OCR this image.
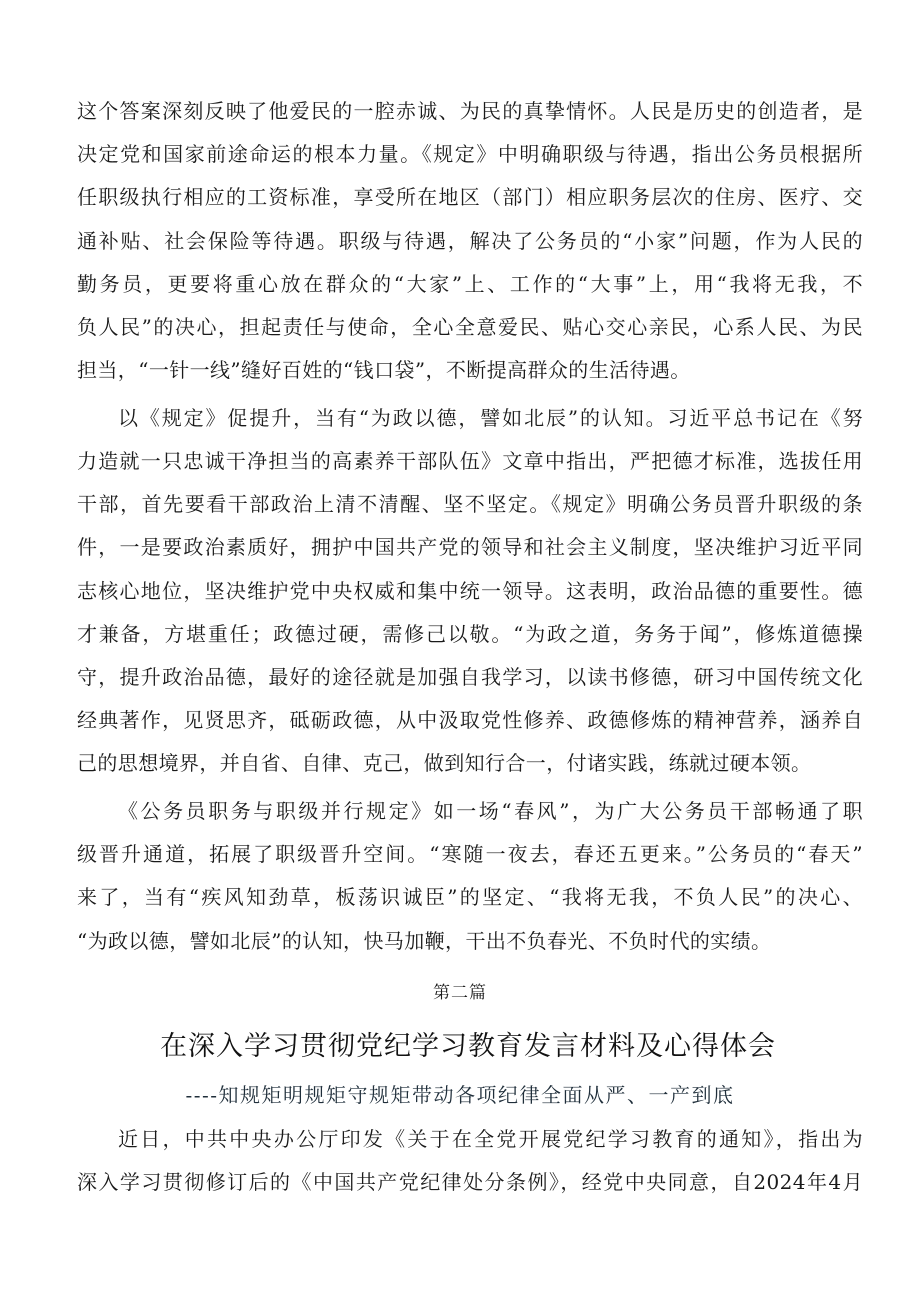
这个答案深刻反映了他爱民的一腔赤诚、为民的真挚情怀。人民是历史的创造者，是
决定党和国家前途命运的根本力量。《规定》中明确职级与待遇，指出公务员根据所
任职级执行相应的工资标准，享受所在地区（部门）相应职务层次的住房、医疗、交
通补贴、社会保险等待遇。职级与待遇，解决了公务员的“小家”问题，作为人民的
勤务员，更要将重心放在群众的“大家”上、工作的“大事”上，用“我将无我，不
负人民”的决心，担起责任与使命，全心全意爱民、贴心交心亲民，心系人民、为民
担当，“一针一线”缝好百姓的“钱口袋”，不断提高群众的生活待遇。
以《规定》促提升，当有“为政以德，譬如北辰”的认知。习近平总书记在《努
力造就一只忠诚干净担当的高素养干部队伍》文章中指出，严把德才标准，选拔任用
干部，首先要看干部政治上清不清醒、坚不坚定。《规定》明确公务员晋升职级的条
件，一是要政治素质好，拥护中国共产党的领导和社会主义制度，坚决维护习近平同
志核心地位，坚决维护党中央权威和集中统一领导。这表明，政治品德的重要性。德
才兼备，方堪重任；政德过硬，需修己以敬。“为政之道，务务于闻”，修炼道德操
守，提升政治品德，最好的途径就是加强自我学习，以读书修德，研习中国传统文化
经典著作，见贤思齐，砥砺政德，从中汲取党性修养、政德修炼的精神营养，涵养自
己的思想境界，并自省、自律、克己，做到知行合一，付诸实践，练就过硬本领。
《公务员职务与职级并行规定》如一场“春风”，为广大公务员干部畅通了职
级晋升通道，拓展了职级晋升空间。“寒随一夜去，春还五更来。”公务员的“春天”
来了，当有“疾风知劲草，板荡识诚臣”的坚定、“我将无我，不负人民”的决心、
“为政以德，譬如北辰”的认知，快马加鞭，干出不负春光、不负时代的实绩。
第二篇
在深入学习贯彻党纪学习教育发言材料及心得体会
----知规矩明规矩守规矩带动各项纪律全面从严、一产到底
近日，中共中央办公厅印发《关于在全党开展党纪学习教育的通知》，指出为
深入学习贯彻修订后的《中国共产党纪律处分条例》，经党中央同意，自2024年4月
